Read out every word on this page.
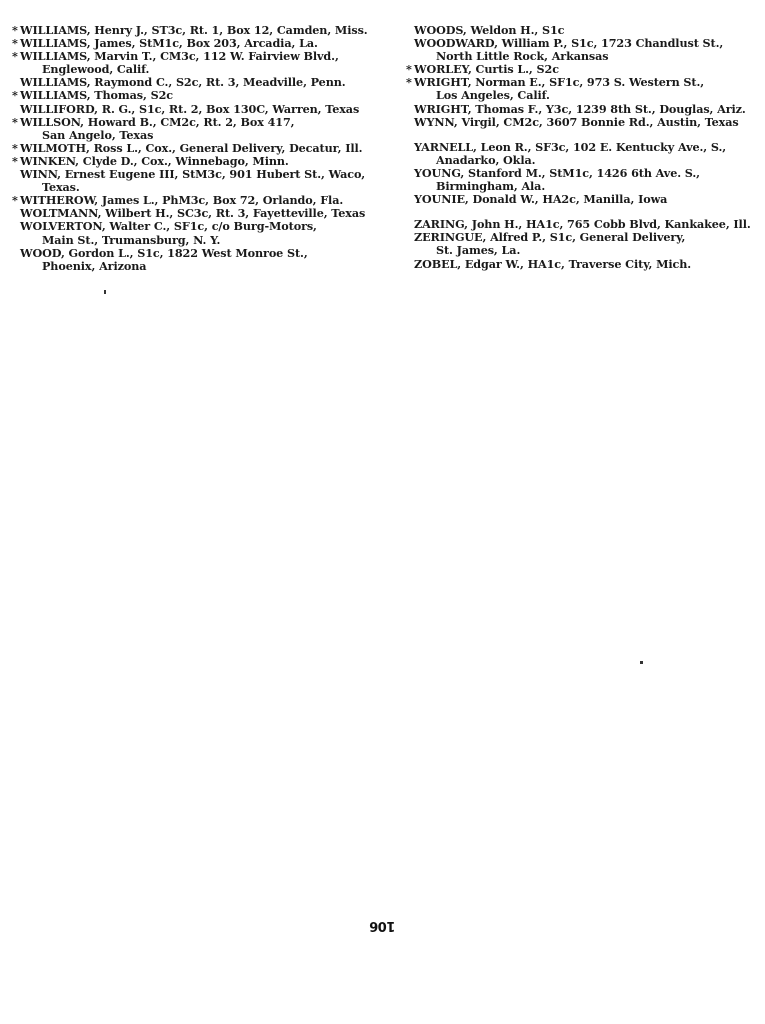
* WILLIAMS, Henry J., ST3c, Rt. 1, Box 12, Camden, Miss.
* WILLIAMS, James, StM1c, Box 203, Arcadia, La.
* WILLIAMS, Marvin T., CM3c, 112 W. Fairview Blvd.,
Englewood, Calif.
WILLIAMS, Raymond C., S2c, Rt. 3, Meadville, Penn.
* WILLIAMS, Thomas, S2c
WILLIFORD, R. G., S1c, Rt. 2, Box 130C, Warren, Texas
* WILLSON, Howard B., CM2c, Rt. 2, Box 417,
San Angelo, Texas
* WILMOTH, Ross L., Cox., General Delivery, Decatur, Ill.
* WINKEN, Clyde D., Cox., Winnebago, Minn.
WINN, Ernest Eugene III, StM3c, 901 Hubert St., Waco,
Texas.
* WITHEROW, James L., PhM3c, Box 72, Orlando, Fla.
WOLTMANN, Wilbert H., SC3c, Rt. 3, Fayetteville, Texas
WOLVERTON, Walter C., SF1c, c/o Burg-Motors,
Main St., Trumansburg, N. Y.
WOOD, Gordon L., S1c, 1822 West Monroe St.,
Phoenix, Arizona
WOODS, Weldon H., S1c
WOODWARD, William P., S1c, 1723 Chandlust St.,
North Little Rock, Arkansas
* WORLEY, Curtis L., S2c
* WRIGHT, Norman E., SF1c, 973 S. Western St.,
Los Angeles, Calif.
WRIGHT, Thomas F., Y3c, 1239 8th St., Douglas, Ariz.
WYNN, Virgil, CM2c, 3607 Bonnie Rd., Austin, Texas
YARNELL, Leon R., SF3c, 102 E. Kentucky Ave., S.,
Anadarko, Okla.
YOUNG, Stanford M., StM1c, 1426 6th Ave. S.,
Birmingham, Ala.
YOUNIE, Donald W., HA2c, Manilla, Iowa
ZARING, John H., HA1c, 765 Cobb Blvd, Kankakee, Ill.
ZERINGUE, Alfred P., S1c, General Delivery,
St. James, La.
ZOBEL, Edgar W., HA1c, Traverse City, Mich.
106
